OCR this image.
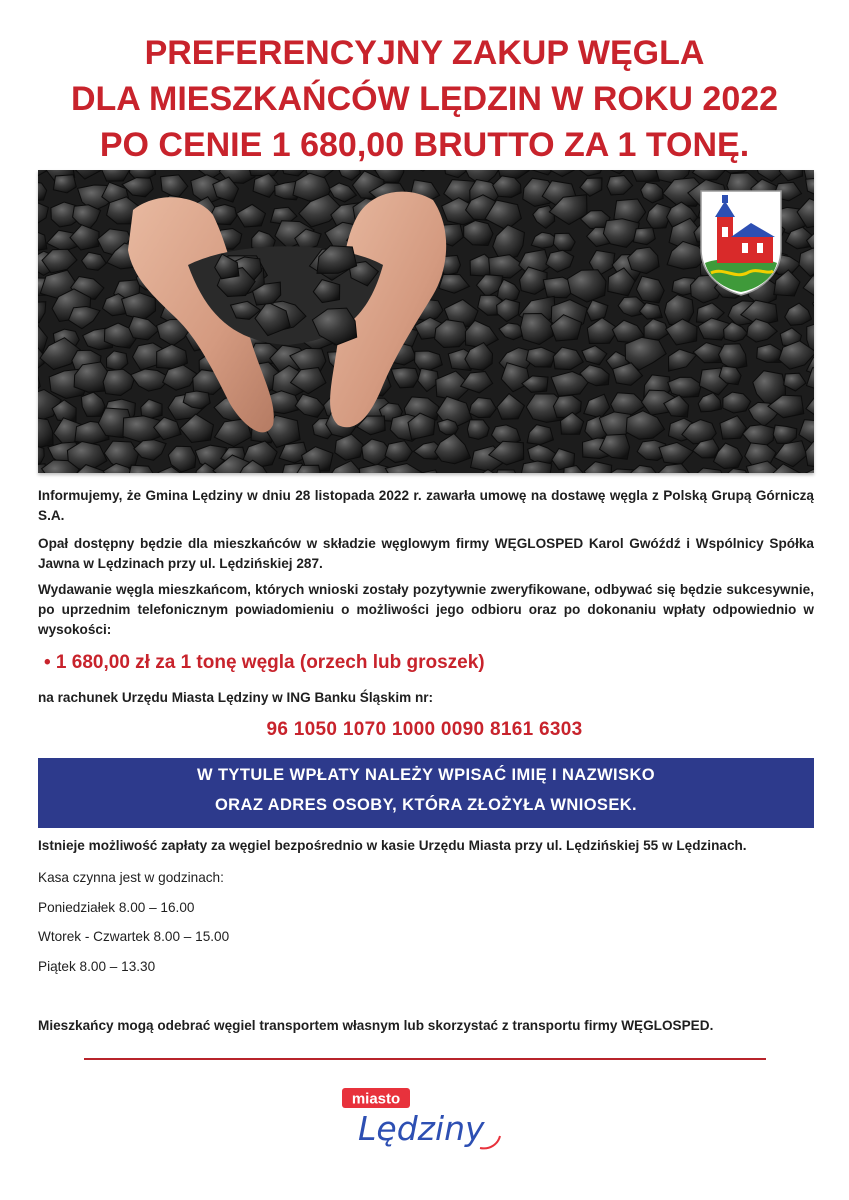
PREFERENCYJNY ZAKUP WĘGLA
DLA MIESZKAŃCÓW LĘDZIN W ROKU 2022
PO CENIE 1 680,00 BRUTTO ZA 1 TONĘ.
Informujemy, że Gmina Lędziny w dniu 28 listopada 2022 r. zawarła umowę na dostawę węgla z Polską Grupą Górniczą S.A.
Opał dostępny będzie dla mieszkańców w składzie węglowym firmy WĘGLOSPED Karol Gwóźdź i Wspólnicy Spółka Jawna w Lędzinach przy ul. Lędzińskiej 287.
Wydawanie węgla mieszkańcom, których wnioski zostały pozytywnie zweryfikowane, odbywać się będzie sukcesywnie, po uprzednim telefonicznym powiadomieniu o możliwości jego odbioru oraz po dokonaniu wpłaty odpowiednio w wysokości:
• 1 680,00 zł za 1 tonę węgla (orzech lub groszek)
na rachunek Urzędu Miasta Lędziny w ING Banku Śląskim nr:
96 1050 1070 1000 0090 8161 6303
W TYTULE WPŁATY NALEŻY WPISAĆ IMIĘ I NAZWISKO
ORAZ ADRES OSOBY, KTÓRA ZŁOŻYŁA WNIOSEK.
Istnieje możliwość zapłaty za węgiel bezpośrednio w kasie Urzędu Miasta przy ul. Lędzińskiej 55 w Lędzinach.
Kasa czynna jest w godzinach:
Poniedziałek 8.00 – 16.00
Wtorek - Czwartek 8.00 – 15.00
Piątek 8.00 – 13.30
Mieszkańcy mogą odebrać węgiel transportem własnym lub skorzystać z transportu firmy WĘGLOSPED.
miasto
Lędziny
